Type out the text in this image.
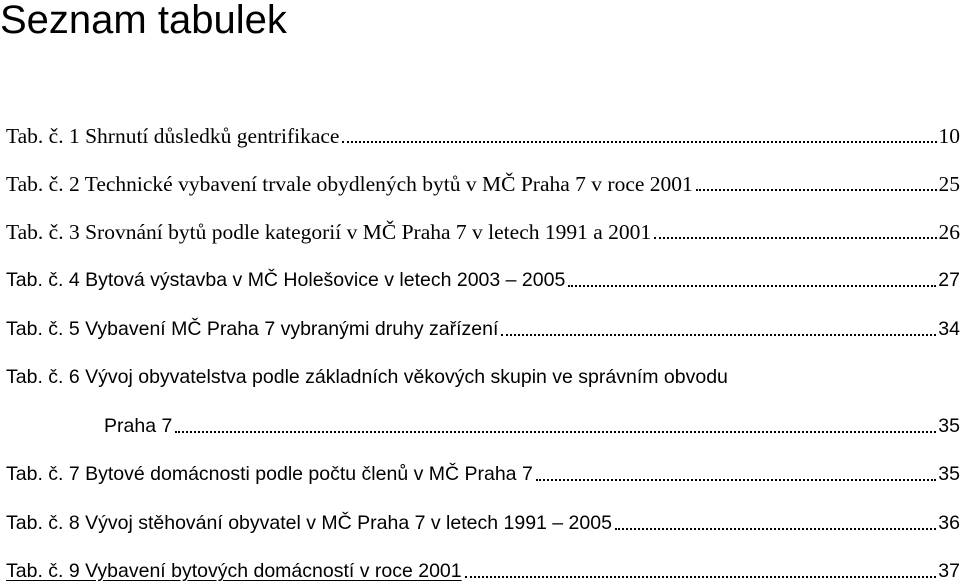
Seznam tabulek
Tab. č. 1 Shrnutí důsledků gentrifikace	10
Tab. č. 2 Technické vybavení trvale obydlených bytů v MČ Praha 7 v roce 2001	25
Tab. č. 3 Srovnání bytů podle kategorií v MČ Praha 7 v letech 1991 a 2001	26
Tab. č. 4 Bytová výstavba v MČ Holešovice v letech 2003 – 2005	27
Tab. č. 5 Vybavení MČ Praha 7 vybranými druhy zařízení	34
Tab. č. 6 Vývoj obyvatelstva podle základních věkových skupin ve správním obvodu
Praha 7	35
Tab. č. 7 Bytové domácnosti podle počtu členů v MČ Praha 7	35
Tab. č. 8 Vývoj stěhování obyvatel v MČ Praha 7 v letech 1991 – 2005	36
Tab. č. 9 Vybavení bytových domácností v roce 2001	37
